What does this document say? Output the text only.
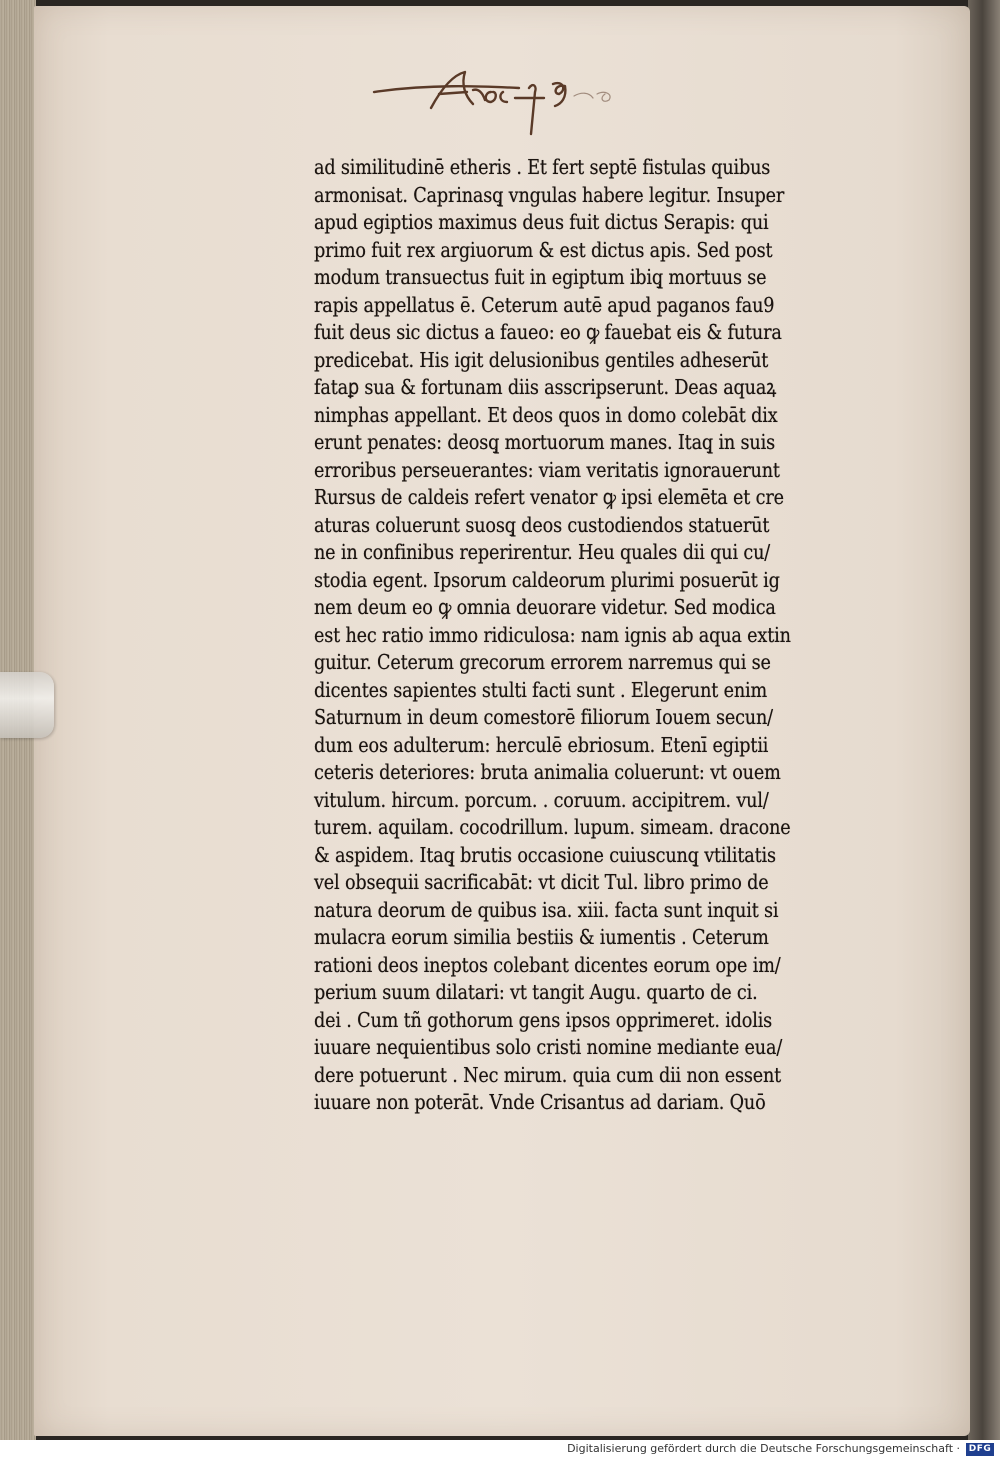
A rac. i. 9
ad similitudinē etheris . Et fert septē fistulas quibus
armonisat. Caprinasq̧ vngulas habere legitur. Insuper
apud egiptios maximus deus fuit dictus Serapis: qui
primo fuit rex argiuorum & est dictus apis. Sed post
modum transuectus fuit in egiptum ibiq̧ mortuus se
rapis appellatus ē. Ceterum autē apud paganos fau9
fuit deus sic dictus a faueo: eo ꝙ fauebat eis & futura
predicebat. His igit delusionibus gentiles adheserūt
fataꝑ sua & fortunam diis asscripserunt. Deas aquaꝝ
nimphas appellant. Et deos quos in domo colebāt dix
erunt penates: deosq̧ mortuorum manes. Itaq̧ in suis
erroribus perseuerantes: viam veritatis ignorauerunt
Rursus de caldeis refert venator ꝙ ipsi elemēta et cre
aturas coluerunt suosq̧ deos custodiendos statuerūt
ne in confinibus reperirentur. Heu quales dii qui cu/
stodia egent. Ipsorum caldeorum plurimi posuerūt ig
nem deum eo ꝙ omnia deuorare videtur. Sed modica
est hec ratio immo ridiculosa: nam ignis ab aqua extin
guitur. Ceterum grecorum errorem narremus qui se
dicentes sapientes stulti facti sunt . Elegerunt enim
Saturnum in deum comestorē filiorum Iouem secun/
dum eos adulterum: herculē ebriosum. Etenī egiptii
ceteris deteriores: bruta animalia coluerunt: vt ouem
vitulum. hircum. porcum. . coruum. accipitrem. vul/
turem. aquilam. cocodrillum. lupum. simeam. dracone
& aspidem. Itaq̧ brutis occasione cuiuscunq̧ vtilitatis
vel obsequii sacrificabāt: vt dicit Tul. libro primo de
natura deorum de quibus isa. xiii. facta sunt inquit si
mulacra eorum similia bestiis & iumentis . Ceterum
rationi deos ineptos colebant dicentes eorum ope im/
perium suum dilatari: vt tangit Augu. quarto de ci.
dei . Cum tñ gothorum gens ipsos opprimeret. idolis
iuuare nequientibus solo cristi nomine mediante eua/
dere potuerunt . Nec mirum. quia cum dii non essent
iuuare non poterāt. Vnde Crisantus ad dariam. Quō
Digitalisierung gefördert durch die Deutsche Forschungsgemeinschaft · DFG
